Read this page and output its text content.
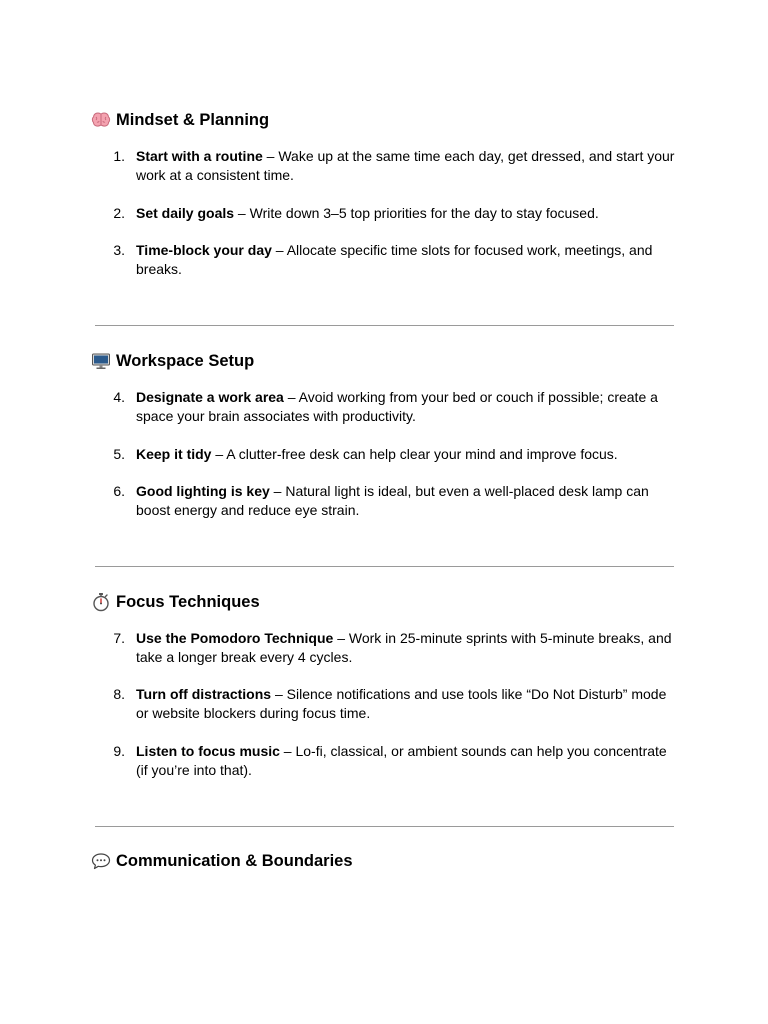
Mindset & Planning
1. Start with a routine – Wake up at the same time each day, get dressed, and start your work at a consistent time.
2. Set daily goals – Write down 3–5 top priorities for the day to stay focused.
3. Time-block your day – Allocate specific time slots for focused work, meetings, and breaks.
Workspace Setup
4. Designate a work area – Avoid working from your bed or couch if possible; create a space your brain associates with productivity.
5. Keep it tidy – A clutter-free desk can help clear your mind and improve focus.
6. Good lighting is key – Natural light is ideal, but even a well-placed desk lamp can boost energy and reduce eye strain.
Focus Techniques
7. Use the Pomodoro Technique – Work in 25-minute sprints with 5-minute breaks, and take a longer break every 4 cycles.
8. Turn off distractions – Silence notifications and use tools like “Do Not Disturb” mode or website blockers during focus time.
9. Listen to focus music – Lo-fi, classical, or ambient sounds can help you concentrate (if you’re into that).
Communication & Boundaries
